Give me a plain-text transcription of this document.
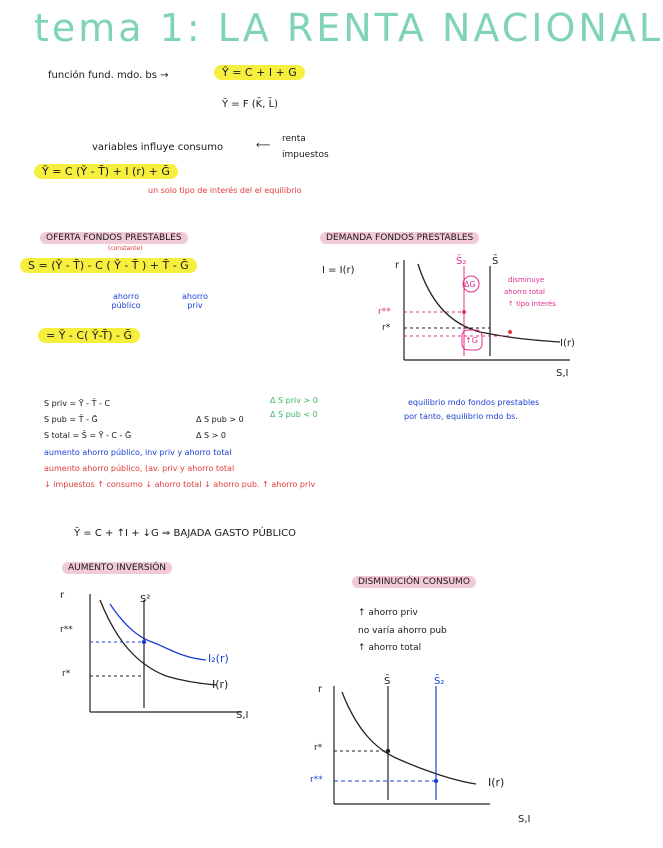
tema 1: LA RENTA NACIONAL
función fund. mdo. bs →	Ȳ = C + I + G
Ȳ = F (K̄, L̄)
variables influye consumo	⟵
renta
impuestos
Ȳ = C (Ȳ - T̄) + I (r) + Ḡ
un solo tipo de interés del el equilibrio
OFERTA FONDOS PRESTABLES
(constante)
S = (Ȳ - T̄) - C ( Ȳ - T̄ ) + T̄ - Ḡ
ahorro público
ahorro priv
= Ȳ - C( Ȳ-T̄) - Ḡ
DEMANDA FONDOS PRESTABLES
I = I(r)	r
r**
r*
S̄₂	S̄
I(r)
S,I
ΔG
↑G
disminuye
ahorro total
↑ tipo interés
equilibrio mdo fondos prestables
por tanto, equilibrio mdo bs.
S priv = Ȳ - T̄ - C
S pub = T̄ - Ḡ
S total = S̄ = Ȳ - C - Ḡ
Δ S pub > 0
Δ S > 0
Δ S priv > 0
Δ S pub < 0
aumento ahorro público, inv priv y ahorro total
aumento ahorro público, (av. priv y ahorro total
↓ impuestos ↑ consumo ↓ ahorro total ↓ ahorro pub. ↑ ahorro priv
Ȳ = C + ↑I + ↓G ⇒ BAJADA GASTO PÚBLICO
AUMENTO INVERSIÓN
r
r**
r*
S²
I₂(r)
I(r)
S,I
DISMINUCIÓN CONSUMO
↑ ahorro priv
no varía ahorro pub
↑ ahorro total
r
r*
r**
S̄	S̄₂
I(r)
S,I
